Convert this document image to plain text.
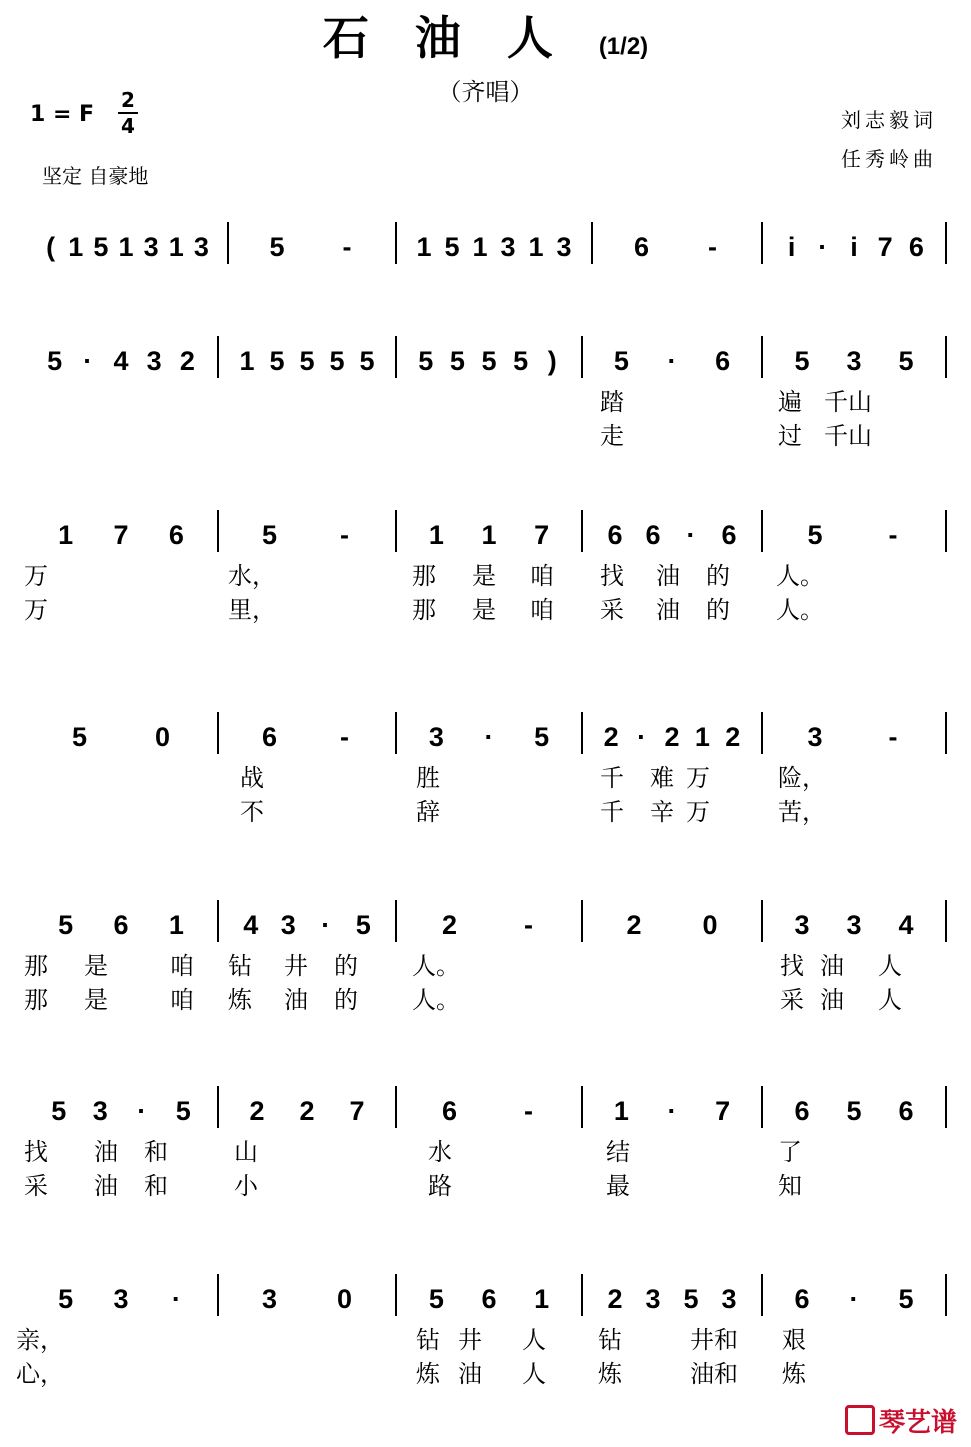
石油人(1/2)
（齐唱）
1 = F
2
4
坚定 自豪地
刘志毅词
任秀岭曲
( 1 5 1 3 1 3 5 - 1 5 1 3 1 3 6 -	i · i 7 6
5 · 4 3 2 1 5 5 5 5 5 5 5 5 ) 5 · 6 5 3 5
踏	遍 千山
走	过 千山
1 7 6	5 -	1 1 7 6 6 · 6	5 -
万	水，	那 是 咱 找 油 的 人。
万	里，	那 是 咱 采 油 的 人。
5	0	6 -	3 · 5 2 · 2 1 2 3 -
战	胜	千 难 万	险，
不	辞	千 辛 万	苦，
5 6 1 4 3 · 5	2 -	2 0	3 3 4
那 是	咱 钻 井 的 人。	找 油 人
那 是	咱 炼 油 的 人。	采 油 人
5 3 · 5 2 2 7	6 -	1 · 7 6 5 6
找 油 和	山	水	结	了
采 油 和	小	路	最	知
5 3 ·	3 0	5 6 1 2 3 5 3 6 · 5
亲，	钻 井 人 钻	井和 艰
心，	炼 油 人 炼	油和 炼
琴艺谱
